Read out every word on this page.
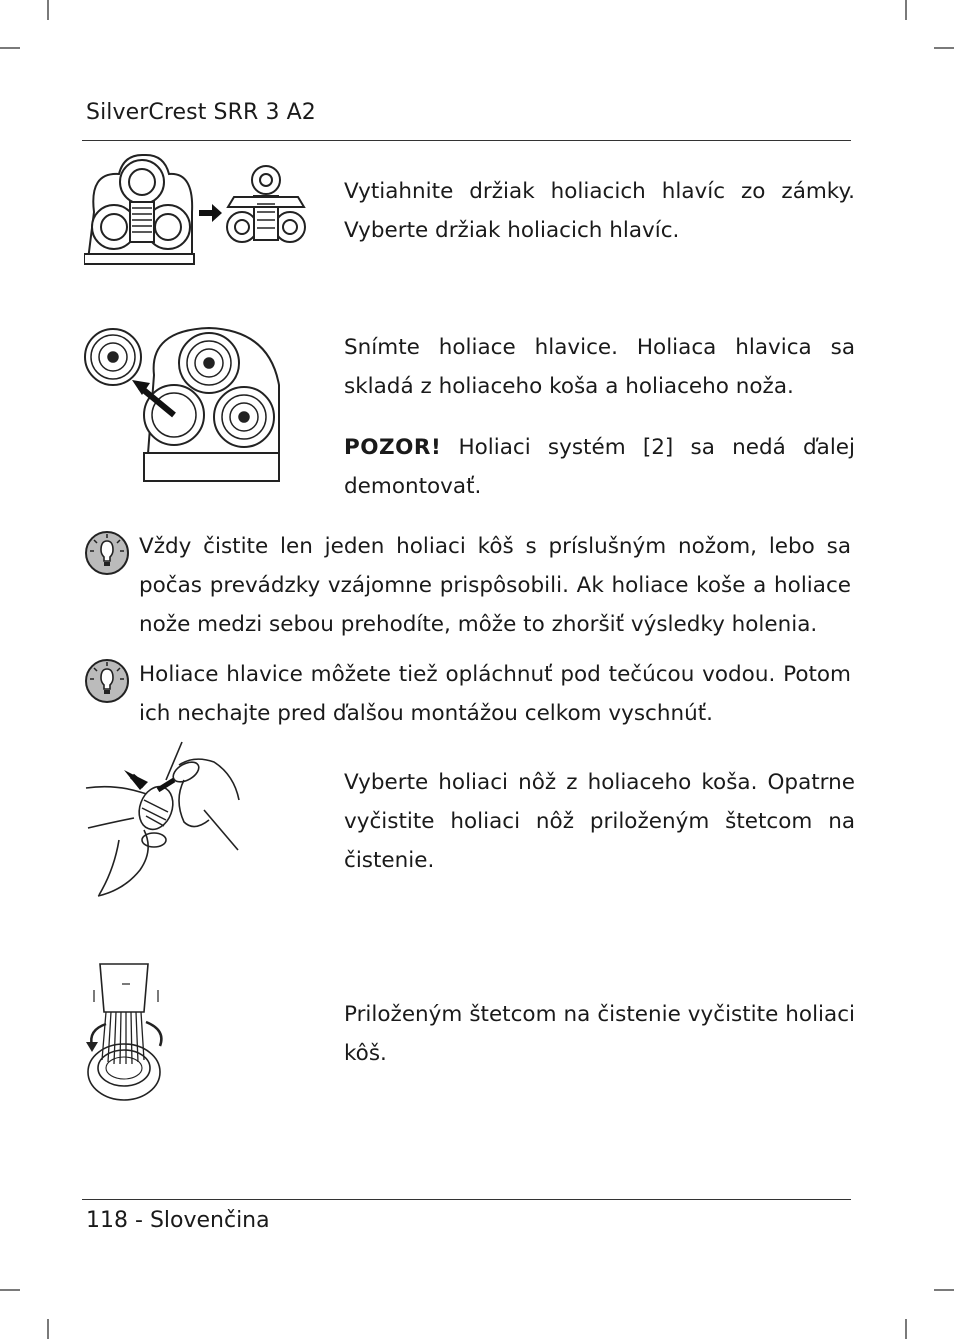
SilverCrest SRR 3 A2

Vytiahnite držiak holiacich hlavíc zo zámky. Vyberte držiak holiacich hlavíc.

Snímte holiace hlavice. Holiaca hlavica sa skladá z holiaceho koša a holiaceho noža.

POZOR! Holiaci systém [2] sa nedá ďalej demontovať.

Vždy čistite len jeden holiaci kôš s príslušným nožom, lebo sa počas prevádzky vzájomne prispôsobili. Ak holiace koše a holiace nože medzi sebou prehodíte, môže to zhoršiť výsledky holenia.

Holiace hlavice môžete tiež opláchnuť pod tečúcou vodou. Potom ich nechajte pred ďalšou montážou celkom vyschnúť.

Vyberte holiaci nôž z holiaceho koša. Opatrne vyčistite holiaci nôž priloženým štetcom na čistenie.

Priloženým štetcom na čistenie vyčistite holiaci kôš.

118 - Slovenčina
